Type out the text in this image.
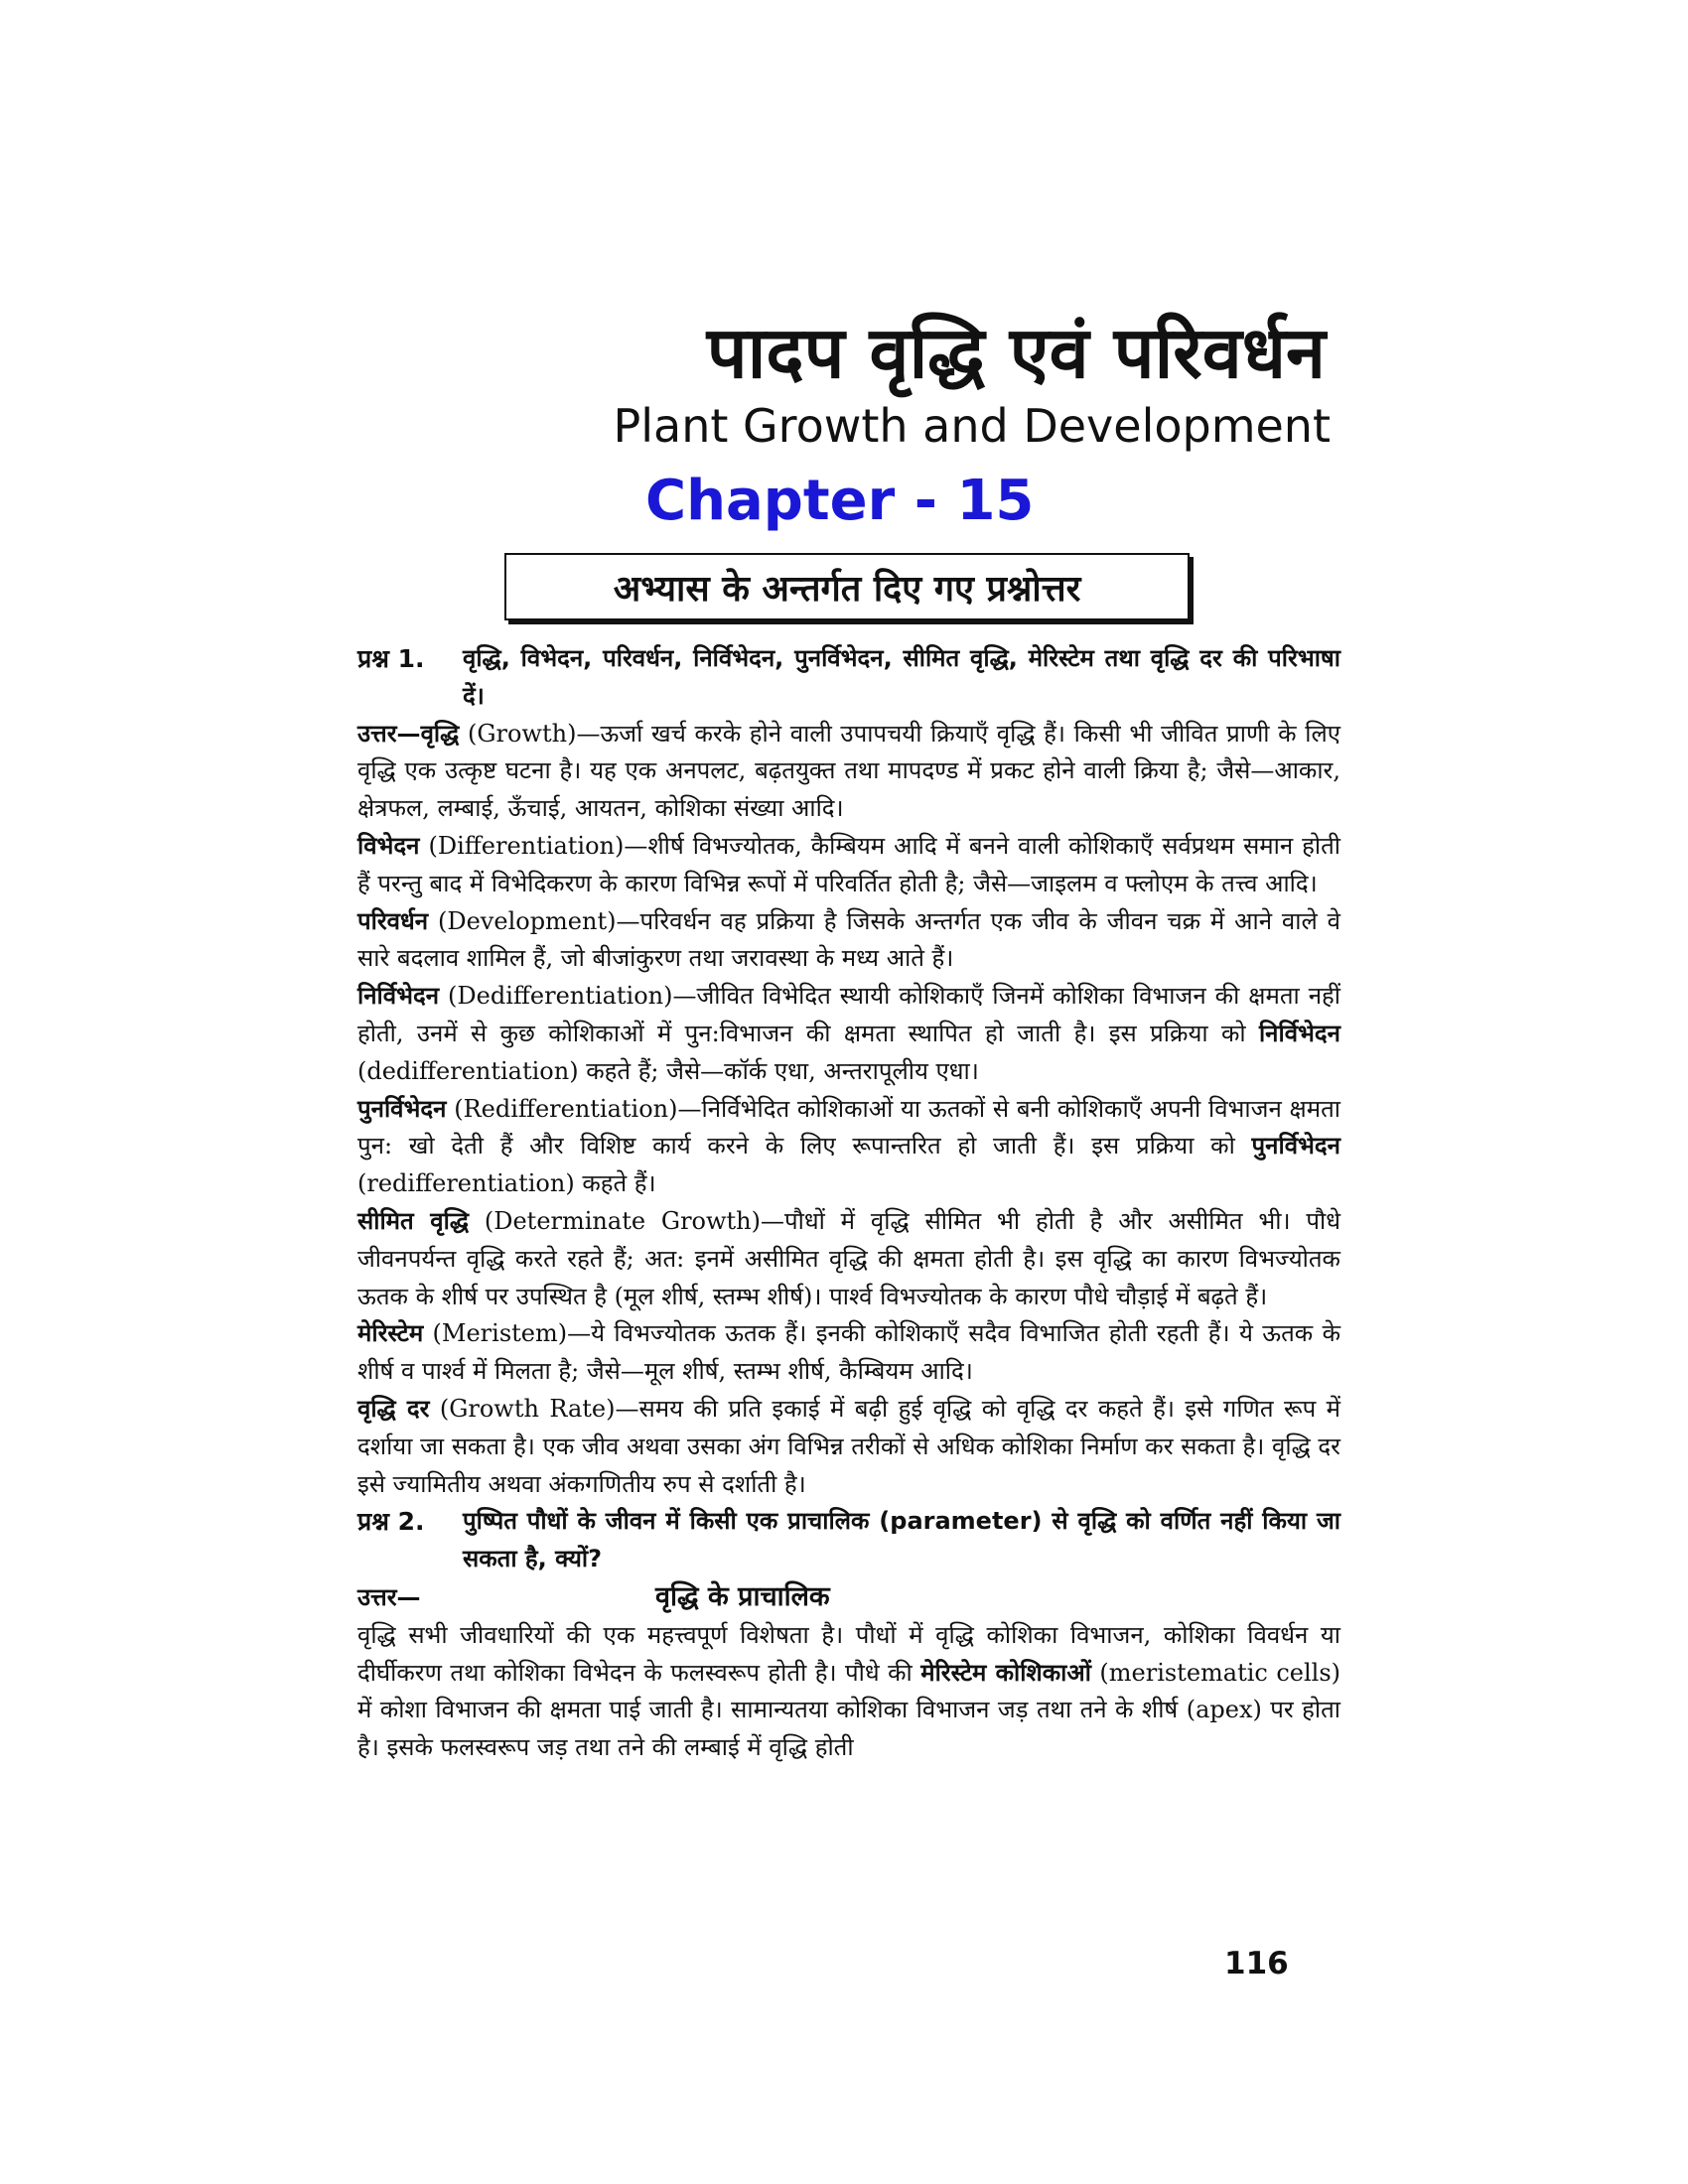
पादप वृद्धि एवं परिवर्धन
Plant Growth and Development
Chapter - 15
अभ्यास के अन्तर्गत दिए गए प्रश्नोत्तर
प्रश्न 1.	वृद्धि, विभेदन, परिवर्धन, निर्विभेदन, पुनर्विभेदन, सीमित वृद्धि, मेरिस्टेम तथा वृद्धि दर की परिभाषा दें।

उत्तर—वृद्धि (Growth)—ऊर्जा खर्च करके होने वाली उपापचयी क्रियाएँ वृद्धि हैं। किसी भी जीवित प्राणी के लिए वृद्धि एक उत्कृष्ट घटना है। यह एक अनपलट, बढ़तयुक्त तथा मापदण्ड में प्रकट होने वाली क्रिया है; जैसे—आकार, क्षेत्रफल, लम्बाई, ऊँचाई, आयतन, कोशिका संख्या आदि।

विभेदन (Differentiation)—शीर्ष विभज्योतक, कैम्बियम आदि में बनने वाली कोशिकाएँ सर्वप्रथम समान होती हैं परन्तु बाद में विभेदिकरण के कारण विभिन्न रूपों में परिवर्तित होती है; जैसे—जाइलम व फ्लोएम के तत्त्व आदि।

परिवर्धन (Development)—परिवर्धन वह प्रक्रिया है जिसके अन्तर्गत एक जीव के जीवन चक्र में आने वाले वे सारे बदलाव शामिल हैं, जो बीजांकुरण तथा जरावस्था के मध्य आते हैं।

निर्विभेदन (Dedifferentiation)—जीवित विभेदित स्थायी कोशिकाएँ जिनमें कोशिका विभाजन की क्षमता नहीं होती, उनमें से कुछ कोशिकाओं में पुन:विभाजन की क्षमता स्थापित हो जाती है। इस प्रक्रिया को निर्विभेदन (dedifferentiation) कहते हैं; जैसे—कॉर्क एधा, अन्तरापूलीय एधा।

पुनर्विभेदन (Redifferentiation)—निर्विभेदित कोशिकाओं या ऊतकों से बनी कोशिकाएँ अपनी विभाजन क्षमता पुन: खो देती हैं और विशिष्ट कार्य करने के लिए रूपान्तरित हो जाती हैं। इस प्रक्रिया को पुनर्विभेदन (redifferentiation) कहते हैं।

सीमित वृद्धि (Determinate Growth)—पौधों में वृद्धि सीमित भी होती है और असीमित भी। पौधे जीवनपर्यन्त वृद्धि करते रहते हैं; अत: इनमें असीमित वृद्धि की क्षमता होती है। इस वृद्धि का कारण विभज्योतक ऊतक के शीर्ष पर उपस्थित है (मूल शीर्ष, स्तम्भ शीर्ष)। पार्श्व विभज्योतक के कारण पौधे चौड़ाई में बढ़ते हैं।

मेरिस्टेम (Meristem)—ये विभज्योतक ऊतक हैं। इनकी कोशिकाएँ सदैव विभाजित होती रहती हैं। ये ऊतक के शीर्ष व पार्श्व में मिलता है; जैसे—मूल शीर्ष, स्तम्भ शीर्ष, कैम्बियम आदि।

वृद्धि दर (Growth Rate)—समय की प्रति इकाई में बढ़ी हुई वृद्धि को वृद्धि दर कहते हैं। इसे गणित रूप में दर्शाया जा सकता है। एक जीव अथवा उसका अंग विभिन्न तरीकों से अधिक कोशिका निर्माण कर सकता है। वृद्धि दर इसे ज्यामितीय अथवा अंकगणितीय रुप से दर्शाती है।

प्रश्न 2.	पुष्पित पौधों के जीवन में किसी एक प्राचालिक (parameter) से वृद्धि को वर्णित नहीं किया जा सकता है, क्यों?
उत्तर—	वृद्धि के प्राचालिक

वृद्धि सभी जीवधारियों की एक महत्त्वपूर्ण विशेषता है। पौधों में वृद्धि कोशिका विभाजन, कोशिका विवर्धन या दीर्घीकरण तथा कोशिका विभेदन के फलस्वरूप होती है। पौधे की मेरिस्टेम कोशिकाओं (meristematic cells) में कोशा विभाजन की क्षमता पाई जाती है। सामान्यतया कोशिका विभाजन जड़ तथा तने के शीर्ष (apex) पर होता है। इसके फलस्वरूप जड़ तथा तने की लम्बाई में वृद्धि होती

116
